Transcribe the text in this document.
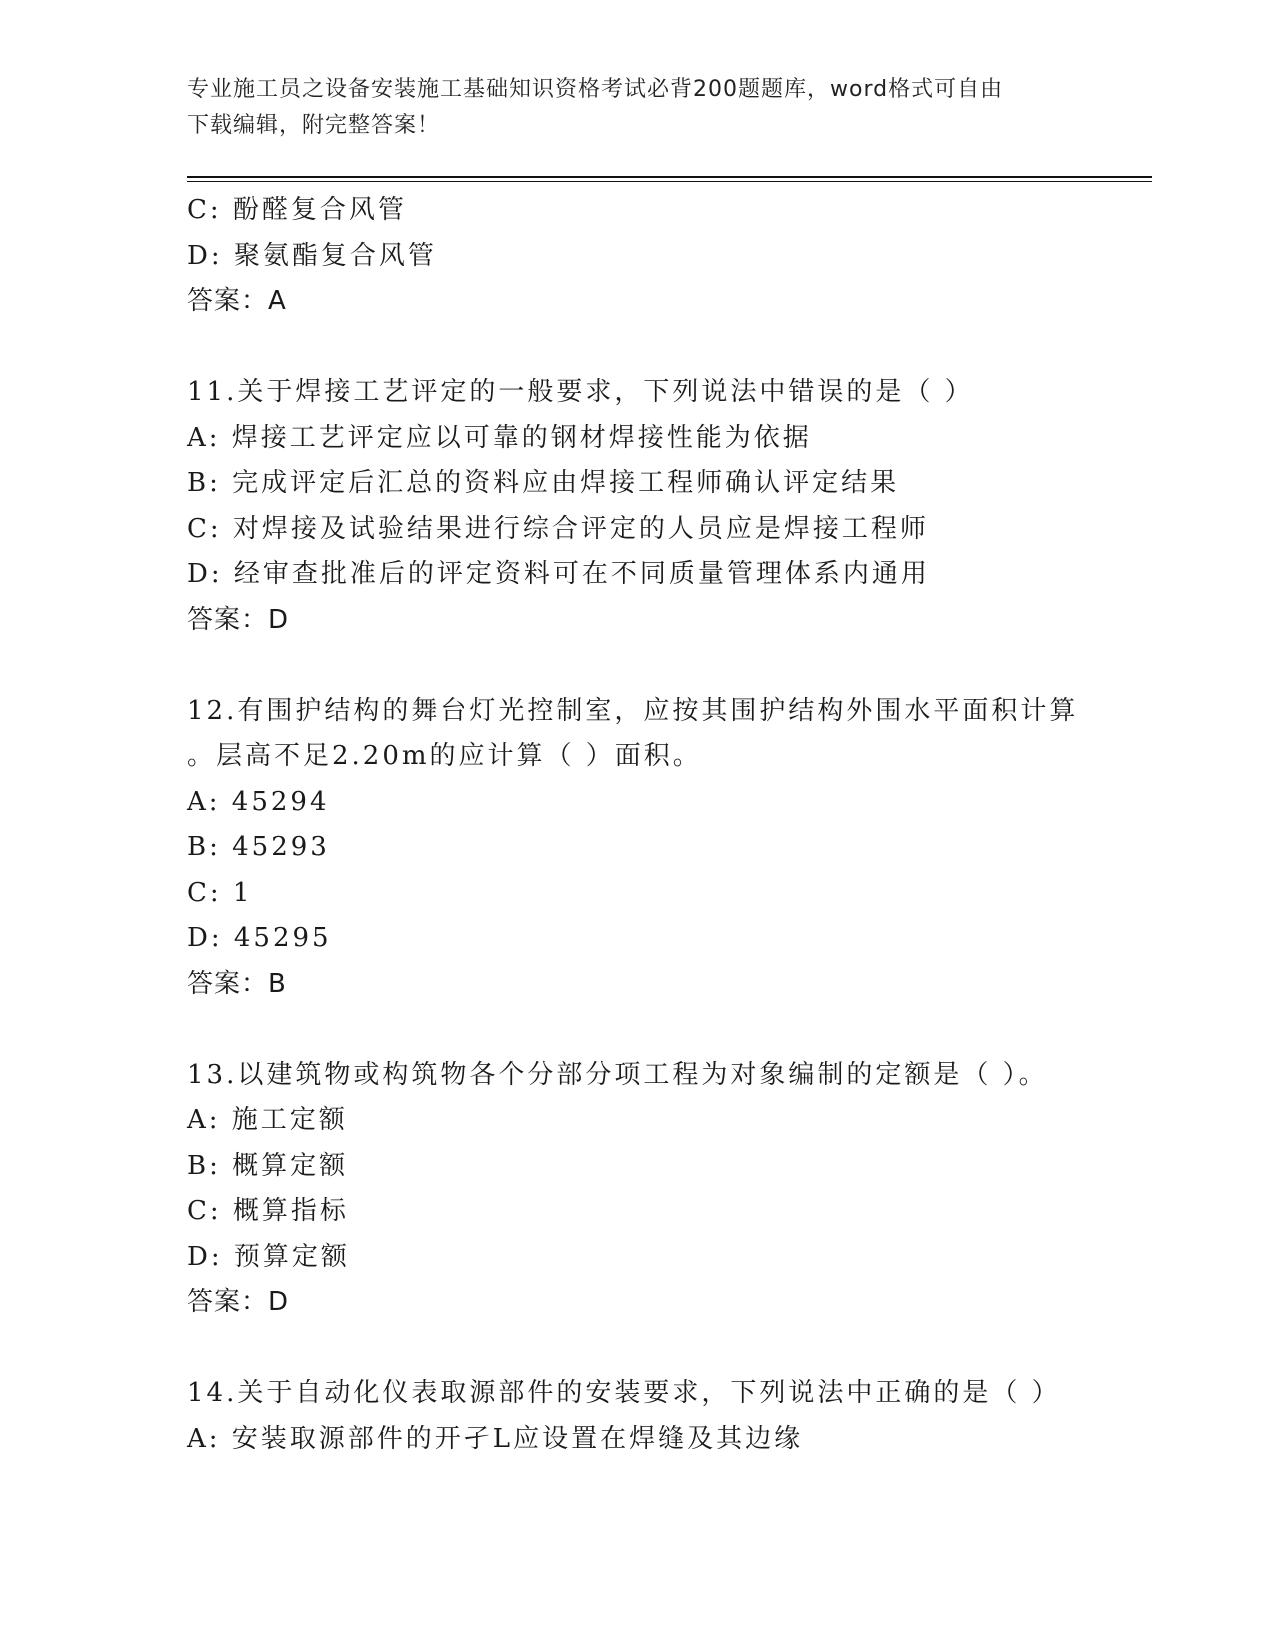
专业施工员之设备安装施工基础知识资格考试必背200题题库，word格式可自由
下载编辑，附完整答案！
C: 酚醛复合风管
D: 聚氨酯复合风管
答案：A
11.关于焊接工艺评定的一般要求，下列说法中错误的是（ ）
A: 焊接工艺评定应以可靠的钢材焊接性能为依据
B: 完成评定后汇总的资料应由焊接工程师确认评定结果
C: 对焊接及试验结果进行综合评定的人员应是焊接工程师
D: 经审查批准后的评定资料可在不同质量管理体系内通用
答案：D
12.有围护结构的舞台灯光控制室，应按其围护结构外围水平面积计算
。层高不足2.20m的应计算（ ）面积。
A: 45294
B: 45293
C: 1
D: 45295
答案：B
13.以建筑物或构筑物各个分部分项工程为对象编制的定额是（ ）。
A: 施工定额
B: 概算定额
C: 概算指标
D: 预算定额
答案：D
14.关于自动化仪表取源部件的安装要求，下列说法中正确的是（ ）
A: 安装取源部件的开孑L应设置在焊缝及其边缘
